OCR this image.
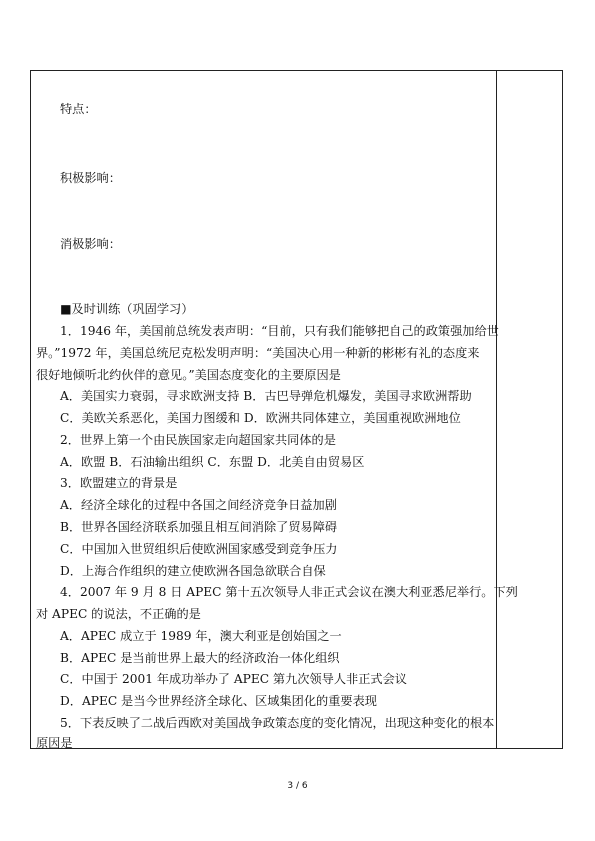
特点：
积极影响：
消极影响：
■及时训练（巩固学习）
1．1946 年，美国前总统发表声明：“目前，只有我们能够把自己的政策强加给世
界。”1972 年，美国总统尼克松发明声明：“美国决心用一种新的彬彬有礼的态度来
很好地倾听北约伙伴的意见。”美国态度变化的主要原因是
A．美国实力衰弱，寻求欧洲支持 B．古巴导弹危机爆发，美国寻求欧洲帮助
C．美欧关系恶化，美国力图缓和 D．欧洲共同体建立，美国重视欧洲地位
2．世界上第一个由民族国家走向超国家共同体的是
A．欧盟 B．石油输出组织 C．东盟 D．北美自由贸易区
3．欧盟建立的背景是
A．经济全球化的过程中各国之间经济竞争日益加剧
B．世界各国经济联系加强且相互间消除了贸易障碍
C．中国加入世贸组织后使欧洲国家感受到竞争压力
D．上海合作组织的建立使欧洲各国急欲联合自保
4．2007 年 9 月 8 日 APEC 第十五次领导人非正式会议在澳大利亚悉尼举行。下列
对 APEC 的说法，不正确的是
A．APEC 成立于 1989 年，澳大利亚是创始国之一
B．APEC 是当前世界上最大的经济政治一体化组织
C．中国于 2001 年成功举办了 APEC 第九次领导人非正式会议
D．APEC 是当今世界经济全球化、区域集团化的重要表现
5．下表反映了二战后西欧对美国战争政策态度的变化情况，出现这种变化的根本
原因是
3 / 6
